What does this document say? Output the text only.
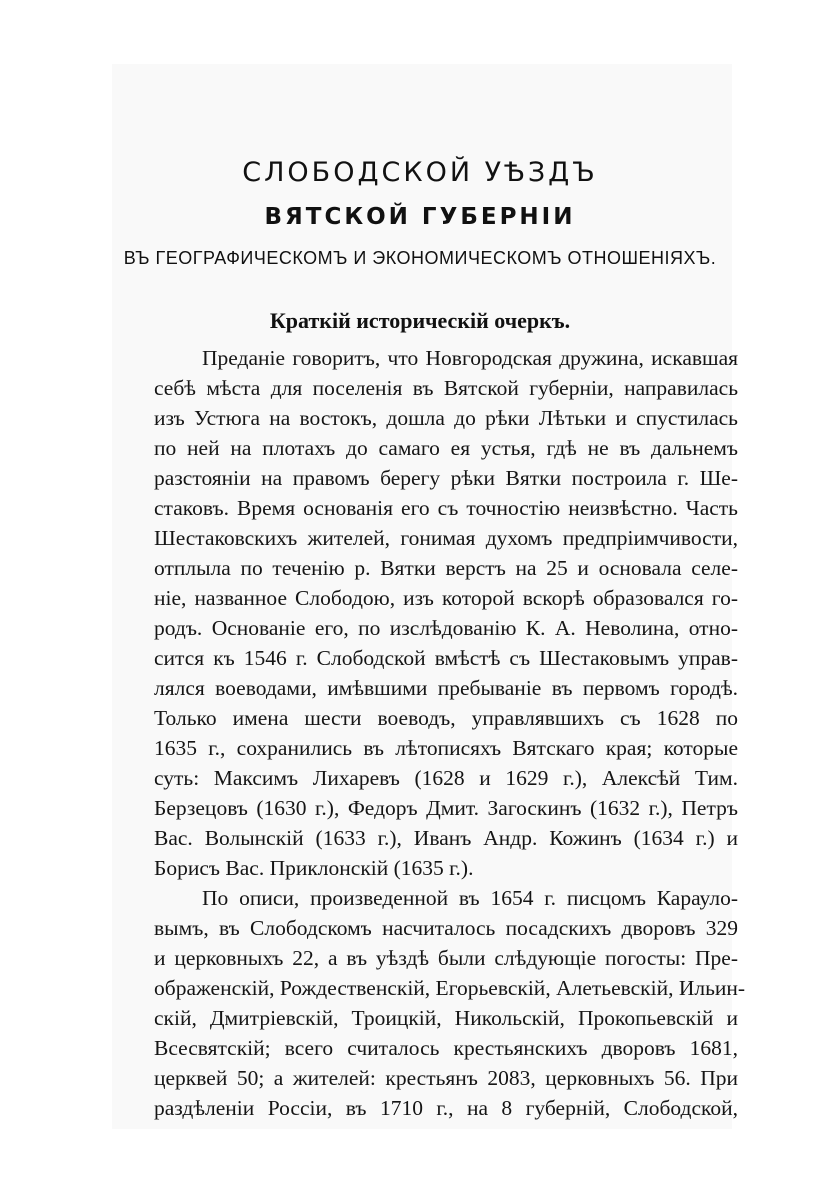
СЛОБОДСКОЙ УѢЗДЪ
ВЯТСКОЙ ГУБЕРНІИ
ВЪ ГЕОГРАФИЧЕСКОМЪ И ЭКОНОМИЧЕСКОМЪ ОТНОШЕНІЯХЪ.
Краткій историческій очеркъ.
Преданіе говоритъ, что Новгородская дружина, искавшая
себѣ мѣста для поселенія въ Вятской губерніи, направилась
изъ Устюга на востокъ, дошла до рѣки Лѣтьки и спустилась
по ней на плотахъ до самаго ея устья, гдѣ не въ дальнемъ
разстояніи на правомъ берегу рѣки Вятки построила г. Ше-
стаковъ. Время основанія его съ точностію неизвѣстно. Часть
Шестаковскихъ жителей, гонимая духомъ предпріимчивости,
отплыла по теченію р. Вятки верстъ на 25 и основала селе-
ніе, названное Слободою, изъ которой вскорѣ образовался го-
родъ. Основаніе его, по изслѣдованію К. А. Неволина, отно-
сится къ 1546 г. Слободской вмѣстѣ съ Шестаковымъ управ-
лялся воеводами, имѣвшими пребываніе въ первомъ городѣ.
Только имена шести воеводъ, управлявшихъ съ 1628 по
1635 г., сохранились въ лѣтописяхъ Вятскаго края; которые
суть: Максимъ Лихаревъ (1628 и 1629 г.), Алексѣй Тим.
Берзецовъ (1630 г.), Федоръ Дмит. Загоскинъ (1632 г.), Петръ
Вас. Волынскій (1633 г.), Иванъ Андр. Кожинъ (1634 г.) и
Борисъ Вас. Приклонскій (1635 г.).
По описи, произведенной въ 1654 г. писцомъ Караулo-
вымъ, въ Слободскомъ насчиталось посадскихъ дворовъ 329
и церковныхъ 22, а въ уѣздѣ были слѣдующіе погосты: Пре-
ображенскій, Рождественскій, Егорьевскій, Алетьевскій, Ильин-
скій, Дмитріевскій, Троицкій, Никольскій, Прокопьевскій и
Всесвятскій; всего считалось крестьянскихъ дворовъ 1681,
церквей 50; а жителей: крестьянъ 2083, церковныхъ 56. При
раздѣленіи Россіи, въ 1710 г., на 8 губерній, Слободской,
